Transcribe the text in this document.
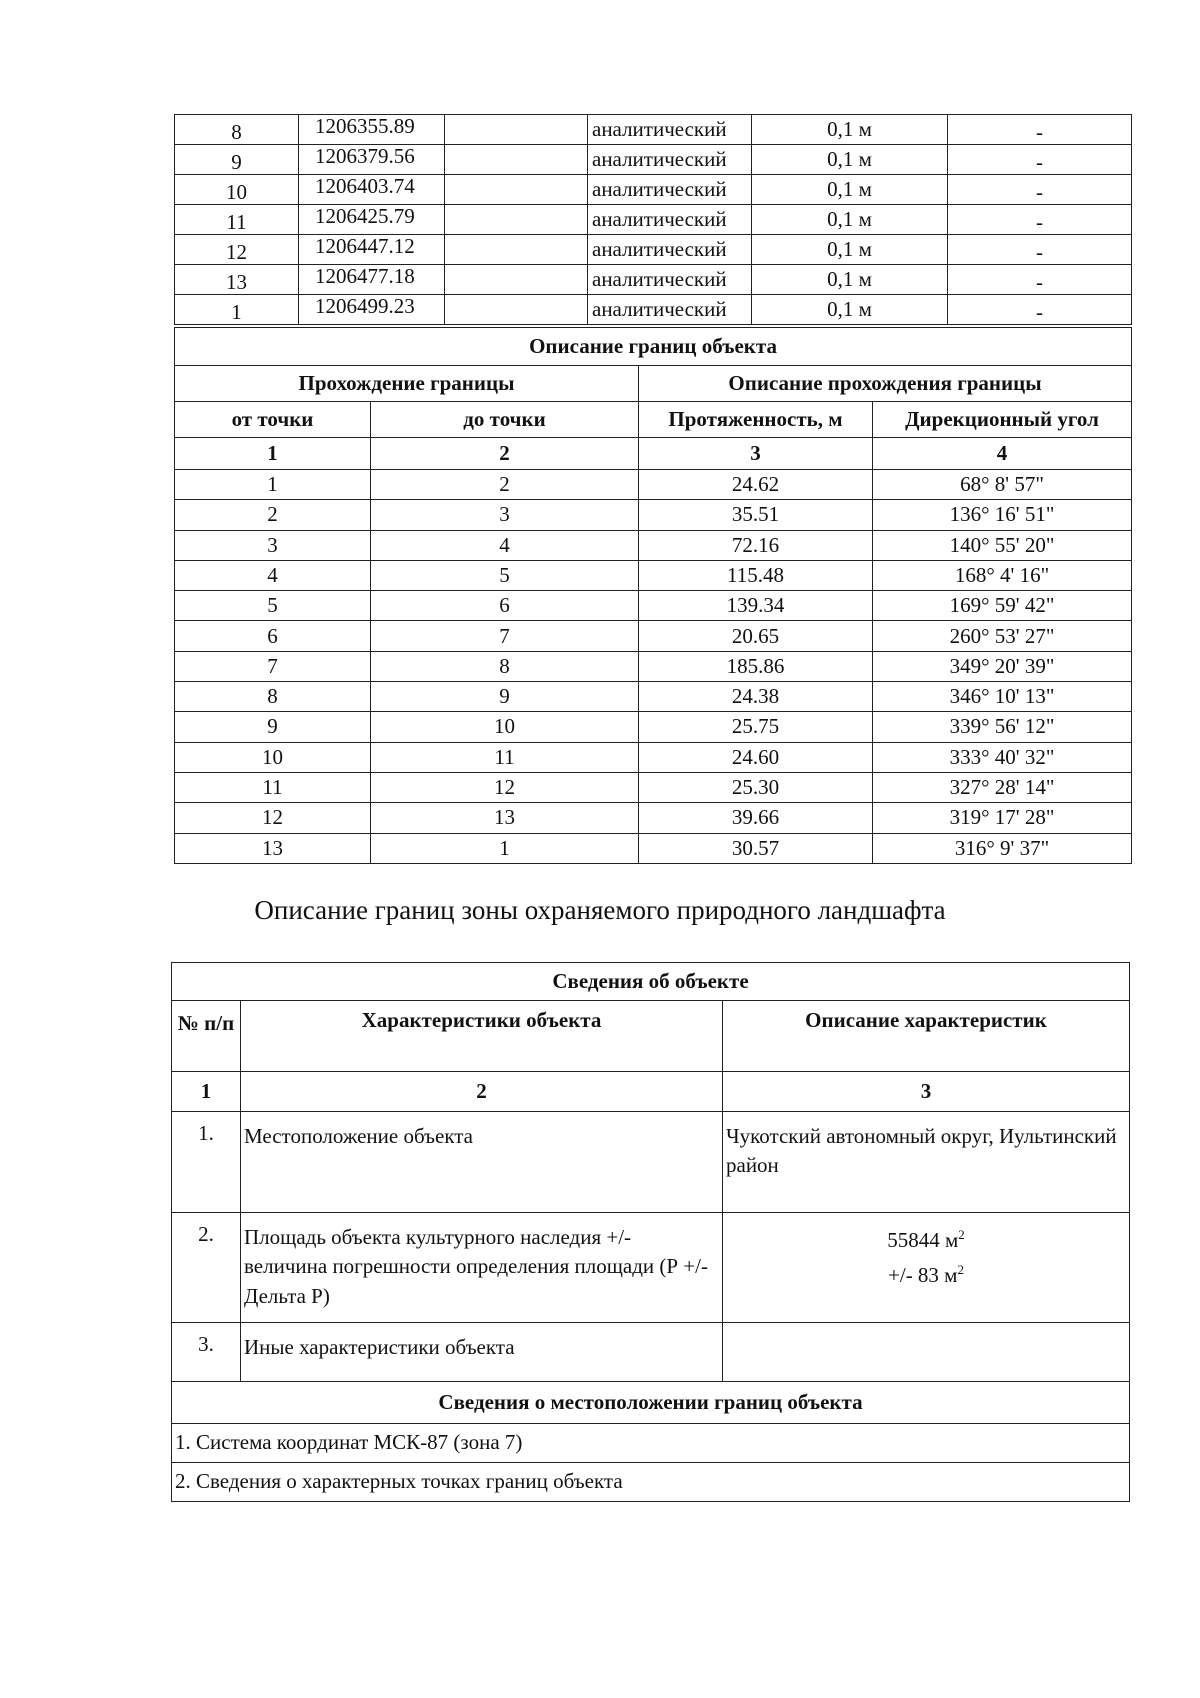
8	1206355.89		аналитический	0,1 м	-
9	1206379.56		аналитический	0,1 м	-
10	1206403.74		аналитический	0,1 м	-
11	1206425.79		аналитический	0,1 м	-
12	1206447.12		аналитический	0,1 м	-
13	1206477.18		аналитический	0,1 м	-
1	1206499.23		аналитический	0,1 м	-
Описание границ объекта			
Прохождение границы		Описание прохождения границы	
от точки	до точки	Протяженность, м	Дирекционный угол
1	2	3	4
1	2	24.62	68° 8' 57"
2	3	35.51	136° 16' 51"
3	4	72.16	140° 55' 20"
4	5	115.48	168° 4' 16"
5	6	139.34	169° 59' 42"
6	7	20.65	260° 53' 27"
7	8	185.86	349° 20' 39"
8	9	24.38	346° 10' 13"
9	10	25.75	339° 56' 12"
10	11	24.60	333° 40' 32"
11	12	25.30	327° 28' 14"
12	13	39.66	319° 17' 28"
13	1	30.57	316° 9' 37"
Описание границ зоны охраняемого природного ландшафта
Сведения об объекте		
№ п/п	Характеристики объекта	Описание характеристик
1	2	3
1.	Местоположение объекта	Чукотский автономный округ, Иультинский район
2.	Площадь объекта культурного наследия +/- величина погрешности определения площади (Р +/- Дельта Р)	55844 $м^2$
+/- 83 $м^2$
3.	Иные характеристики объекта	
Сведения о местоположении границ объекта		
1. Система координат МСК-87 (зона 7)		
2. Сведения о характерных точках границ объекта		
